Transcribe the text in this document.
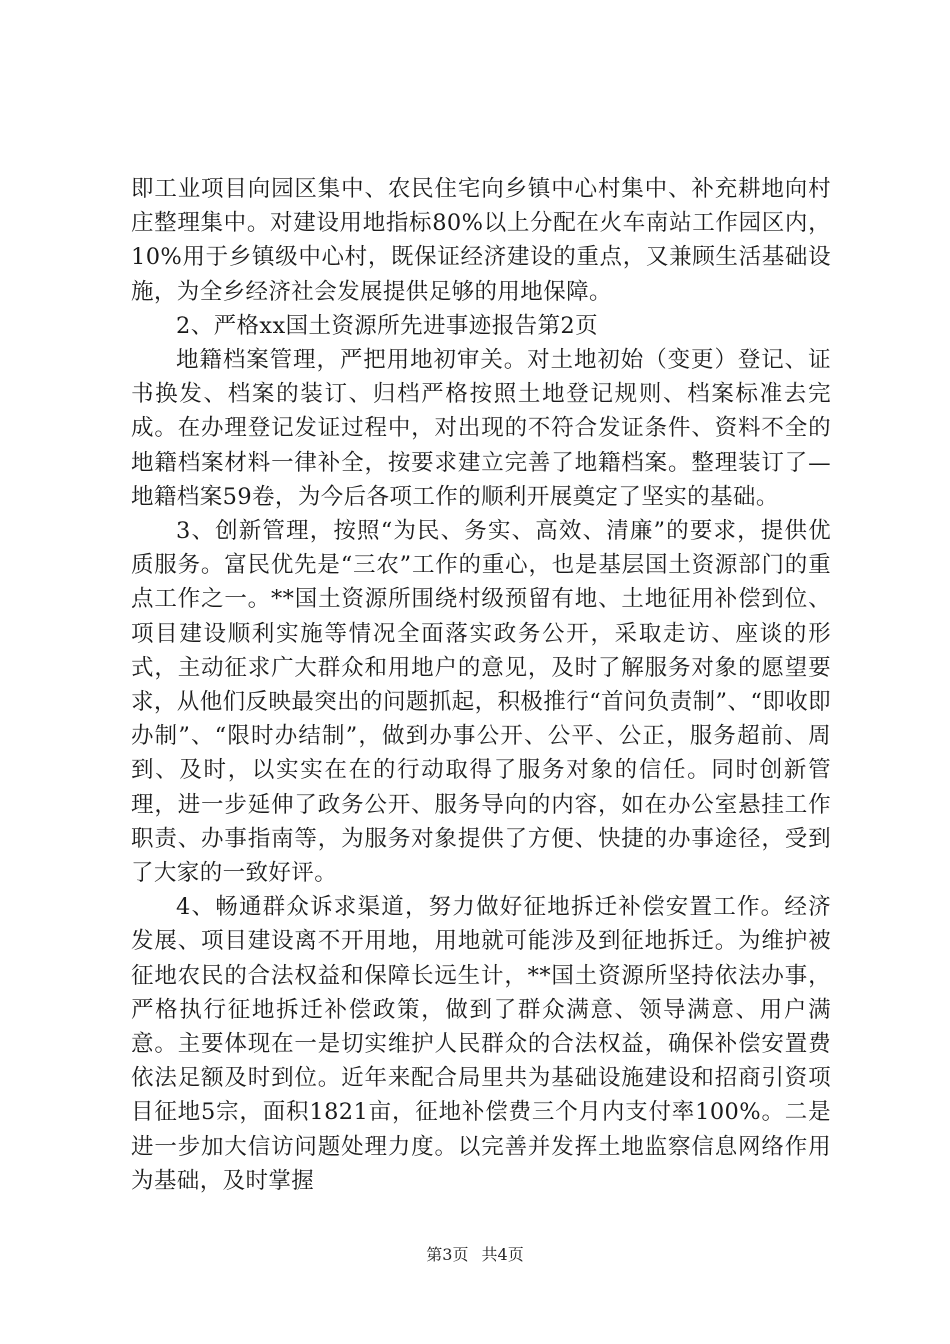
即工业项目向园区集中、农民住宅向乡镇中心村集中、补充耕地向村庄整理集中。对建设用地指标80%以上分配在火车南站工作园区内，10%用于乡镇级中心村，既保证经济建设的重点，又兼顾生活基础设施，为全乡经济社会发展提供足够的用地保障。

2、严格xx国土资源所先进事迹报告第2页

地籍档案管理，严把用地初审关。对土地初始（变更）登记、证书换发、档案的装订、归档严格按照土地登记规则、档案标准去完成。在办理登记发证过程中，对出现的不符合发证条件、资料不全的地籍档案材料一律补全，按要求建立完善了地籍档案。整理装订了—地籍档案59卷，为今后各项工作的顺利开展奠定了坚实的基础。

3、创新管理，按照“为民、务实、高效、清廉”的要求，提供优质服务。富民优先是“三农”工作的重心，也是基层国土资源部门的重点工作之一。**国土资源所围绕村级预留有地、土地征用补偿到位、项目建设顺利实施等情况全面落实政务公开，采取走访、座谈的形式，主动征求广大群众和用地户的意见，及时了解服务对象的愿望要求，从他们反映最突出的问题抓起，积极推行“首问负责制”、“即收即办制”、“限时办结制”，做到办事公开、公平、公正，服务超前、周到、及时，以实实在在的行动取得了服务对象的信任。同时创新管理，进一步延伸了政务公开、服务导向的内容，如在办公室悬挂工作职责、办事指南等，为服务对象提供了方便、快捷的办事途径，受到了大家的一致好评。

4、畅通群众诉求渠道，努力做好征地拆迁补偿安置工作。经济发展、项目建设离不开用地，用地就可能涉及到征地拆迁。为维护被征地农民的合法权益和保障长远生计，**国土资源所坚持依法办事，严格执行征地拆迁补偿政策，做到了群众满意、领导满意、用户满意。主要体现在一是切实维护人民群众的合法权益，确保补偿安置费依法足额及时到位。近年来配合局里共为基础设施建设和招商引资项目征地5宗，面积1821亩，征地补偿费三个月内支付率100%。二是进一步加大信访问题处理力度。以完善并发挥土地监察信息网络作用为基础，及时掌握

第3页 共4页
